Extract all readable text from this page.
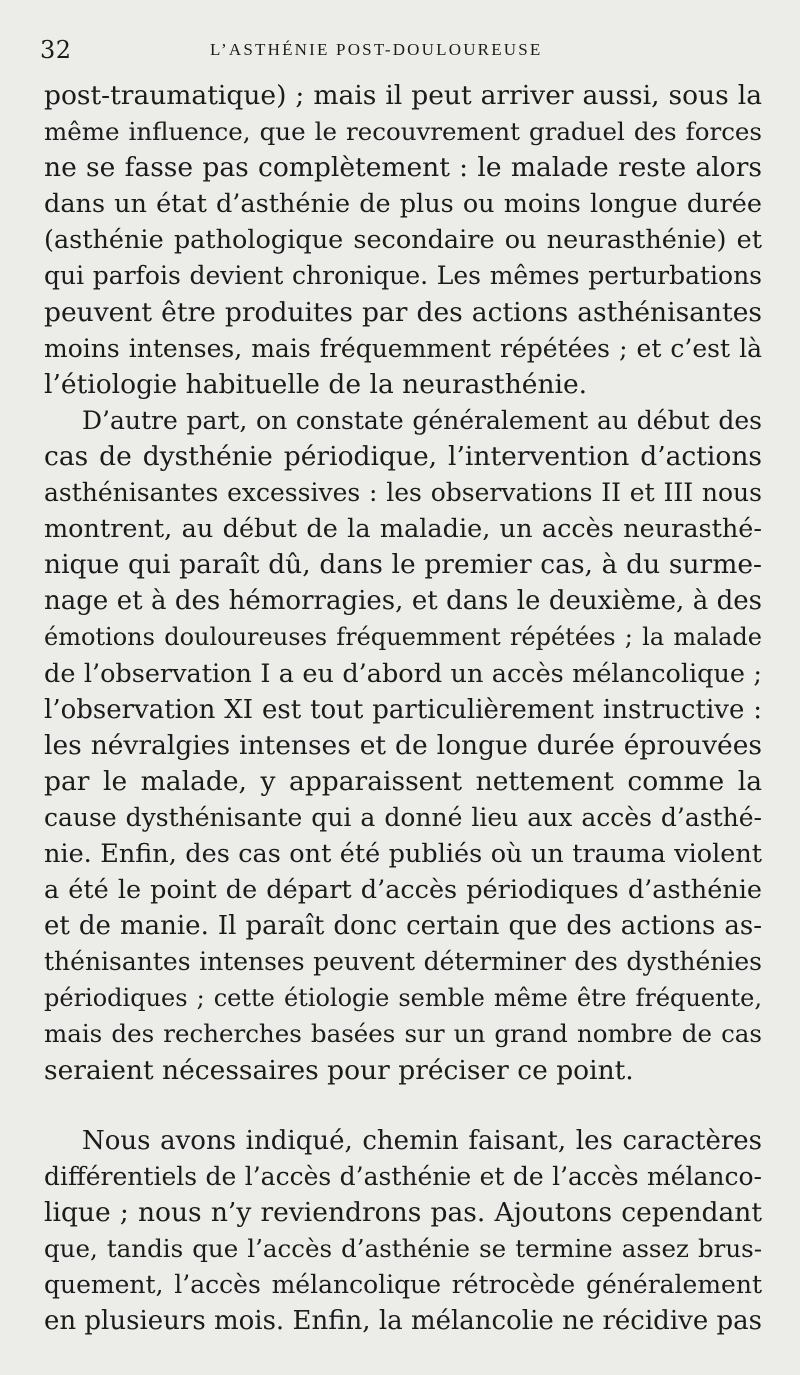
32	L’ASTHÉNIE POST-DOULOUREUSE
post-traumatique) ; mais il peut arriver aussi, sous la
même influence, que le recouvrement graduel des forces
ne se fasse pas complètement : le malade reste alors
dans un état d’asthénie de plus ou moins longue durée
(asthénie pathologique secondaire ou neurasthénie) et
qui parfois devient chronique. Les mêmes perturbations
peuvent être produites par des actions asthénisantes
moins intenses, mais fréquemment répétées ; et c’est là
l’étiologie habituelle de la neurasthénie.
D’autre part, on constate généralement au début des
cas de dysthénie périodique, l’intervention d’actions
asthénisantes excessives : les observations II et III nous
montrent, au début de la maladie, un accès neurasthé-
nique qui paraît dû, dans le premier cas, à du surme-
nage et à des hémorragies, et dans le deuxième, à des
émotions douloureuses fréquemment répétées ; la malade
de l’observation I a eu d’abord un accès mélancolique ;
l’observation XI est tout particulièrement instructive :
les névralgies intenses et de longue durée éprouvées
par le malade, y apparaissent nettement comme la
cause dysthénisante qui a donné lieu aux accès d’asthé-
nie. Enfin, des cas ont été publiés où un trauma violent
a été le point de départ d’accès périodiques d’asthénie
et de manie. Il paraît donc certain que des actions as-
thénisantes intenses peuvent déterminer des dysthénies
périodiques ; cette étiologie semble même être fréquente,
mais des recherches basées sur un grand nombre de cas
seraient nécessaires pour préciser ce point.
Nous avons indiqué, chemin faisant, les caractères
différentiels de l’accès d’asthénie et de l’accès mélanco-
lique ; nous n’y reviendrons pas. Ajoutons cependant
que, tandis que l’accès d’asthénie se termine assez brus-
quement, l’accès mélancolique rétrocède généralement
en plusieurs mois. Enfin, la mélancolie ne récidive pas
